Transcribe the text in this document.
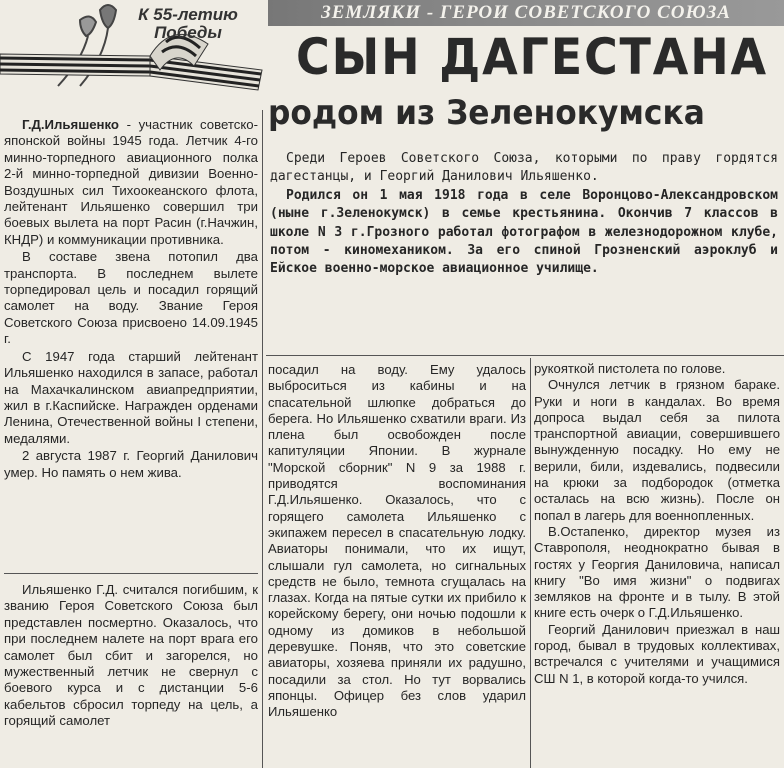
К 55-летию Победы
ЗЕМЛЯКИ - ГЕРОИ СОВЕТСКОГО СОЮЗА
СЫН ДАГЕСТАНА
родом из Зеленокумска

Г.Д.Ильяшенко - участник советско-японской войны 1945 года. Летчик 4-го минно-торпедного авиационного полка 2-й минно-торпедной дивизии Военно-Воздушных сил Тихоокеанского флота, лейтенант Ильяшенко совершил три боевых вылета на порт Расин (г.Начжин, КНДР) и коммуникации противника.

В составе звена потопил два транспорта. В последнем вылете торпедировал цель и посадил горящий самолет на воду. Звание Героя Советского Союза присвоено 14.09.1945 г.

С 1947 года старший лейтенант Ильяшенко находился в запасе, работал на Махачкалинском авиапредприятии, жил в г.Каспийске. Награжден орденами Ленина, Отечественной войны I степени, медалями.

2 августа 1987 г. Георгий Данилович умер. Но память о нем жива.

Среди Героев Советского Союза, которыми по праву гордятся дагестанцы, и Георгий Данилович Ильяшенко.

Родился он 1 мая 1918 года в селе Воронцово-Александровском (ныне г.Зеленокумск) в семье крестьянина. Окончив 7 классов в школе N 3 г.Грозного работал фотографом в железнодорожном клубе, потом - киномехаником. За его спиной Грозненский аэроклуб и Ейское военно-морское авиационное училище.

Ильяшенко Г.Д. считался погибшим, к званию Героя Советского Союза был представлен посмертно. Оказалось, что при последнем налете на порт врага его самолет был сбит и загорелся, но мужественный летчик не свернул с боевого курса и с дистанции 5-6 кабельтов сбросил торпеду на цель, а горящий самолет

посадил на воду. Ему удалось выброситься из кабины и на спасательной шлюпке добраться до берега. Но Ильяшенко схватили враги. Из плена был освобожден после капитуляции Японии. В журнале "Морской сборник" N 9 за 1988 г. приводятся воспоминания Г.Д.Ильяшенко. Оказалось, что с горящего самолета Ильяшенко с экипажем пересел в спасательную лодку. Авиаторы понимали, что их ищут, слышали гул самолета, но сигнальных средств не было, темнота сгущалась на глазах. Когда на пятые сутки их прибило к корейскому берегу, они ночью подошли к одному из домиков в небольшой деревушке. Поняв, что это советские авиаторы, хозяева приняли их радушно, посадили за стол. Но тут ворвались японцы. Офицер без слов ударил Ильяшенко

рукояткой пистолета по голове.

Очнулся летчик в грязном бараке. Руки и ноги в кандалах. Во время допроса выдал себя за пилота транспортной авиации, совершившего вынужденную посадку. Но ему не верили, били, издевались, подвесили на крюки за подбородок (отметка осталась на всю жизнь). После он попал в лагерь для военнопленных.

В.Остапенко, директор музея из Ставрополя, неоднократно бывая в гостях у Георгия Даниловича, написал книгу "Во имя жизни" о подвигах земляков на фронте и в тылу. В этой книге есть очерк о Г.Д.Ильяшенко.

Георгий Данилович приезжал в наш город, бывал в трудовых коллективах, встречался с учителями и учащимися СШ N 1, в которой когда-то учился.
